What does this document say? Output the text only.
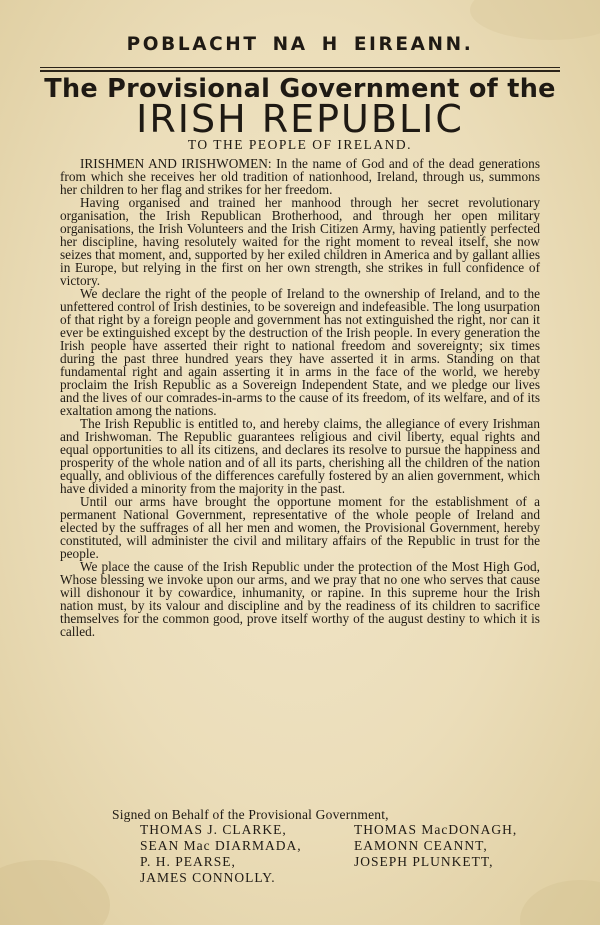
POBLACHT NA H EIREANN.
The Provisional Government of the
IRISH REPUBLIC
TO THE PEOPLE OF IRELAND.

IRISHMEN AND IRISHWOMEN: In the name of God and of the dead generations from which she receives her old tradition of nationhood, Ireland, through us, summons her children to her flag and strikes for her freedom.

Having organised and trained her manhood through her secret revolutionary organisation, the Irish Republican Brotherhood, and through her open military organisations, the Irish Volunteers and the Irish Citizen Army, having patiently perfected her discipline, having resolutely waited for the right moment to reveal itself, she now seizes that moment, and, supported by her exiled children in America and by gallant allies in Europe, but relying in the first on her own strength, she strikes in full confidence of victory.

We declare the right of the people of Ireland to the ownership of Ireland, and to the unfettered control of Irish destinies, to be sovereign and indefeasible. The long usurpation of that right by a foreign people and government has not extinguished the right, nor can it ever be extinguished except by the destruction of the Irish people. In every generation the Irish people have asserted their right to national freedom and sovereignty; six times during the past three hundred years they have asserted it in arms. Standing on that fundamental right and again asserting it in arms in the face of the world, we hereby proclaim the Irish Republic as a Sovereign Independent State, and we pledge our lives and the lives of our comrades-in-arms to the cause of its freedom, of its welfare, and of its exaltation among the nations.

The Irish Republic is entitled to, and hereby claims, the allegiance of every Irishman and Irishwoman. The Republic guarantees religious and civil liberty, equal rights and equal opportunities to all its citizens, and declares its resolve to pursue the happiness and prosperity of the whole nation and of all its parts, cherishing all the children of the nation equally, and oblivious of the differences carefully fostered by an alien government, which have divided a minority from the majority in the past.

Until our arms have brought the opportune moment for the establishment of a permanent National Government, representative of the whole people of Ireland and elected by the suffrages of all her men and women, the Provisional Government, hereby constituted, will administer the civil and military affairs of the Republic in trust for the people.

We place the cause of the Irish Republic under the protection of the Most High God, Whose blessing we invoke upon our arms, and we pray that no one who serves that cause will dishonour it by cowardice, inhumanity, or rapine. In this supreme hour the Irish nation must, by its valour and discipline and by the readiness of its children to sacrifice themselves for the common good, prove itself worthy of the august destiny to which it is called.

Signed on Behalf of the Provisional Government,
THOMAS J. CLARKE,	THOMAS MacDONAGH,
SEAN Mac DIARMADA,	EAMONN CEANNT,
P. H. PEARSE,	JOSEPH PLUNKETT,
JAMES CONNOLLY.
